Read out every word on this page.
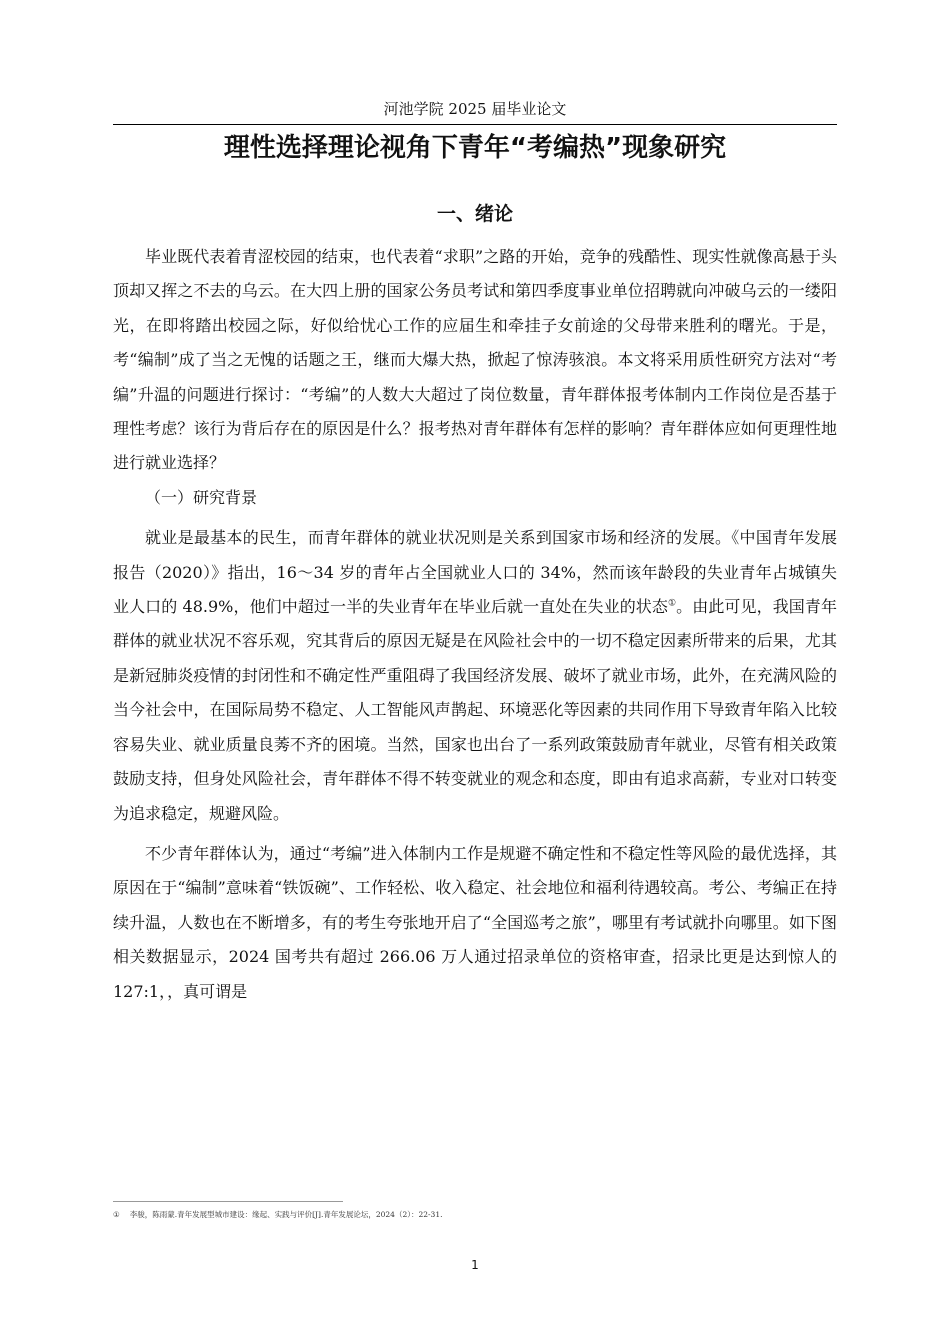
河池学院 2025 届毕业论文
理性选择理论视角下青年“考编热”现象研究
一、绪论

毕业既代表着青涩校园的结束，也代表着“求职”之路的开始，竞争的残酷性、现实性就像高悬于头顶却又挥之不去的乌云。在大四上册的国家公务员考试和第四季度事业单位招聘就向冲破乌云的一缕阳光，在即将踏出校园之际，好似给忧心工作的应届生和牵挂子女前途的父母带来胜利的曙光。于是，考“编制”成了当之无愧的话题之王，继而大爆大热，掀起了惊涛骇浪。本文将采用质性研究方法对“考编”升温的问题进行探讨：“考编”的人数大大超过了岗位数量，青年群体报考体制内工作岗位是否基于理性考虑？该行为背后存在的原因是什么？报考热对青年群体有怎样的影响？青年群体应如何更理性地进行就业选择？

（一）研究背景

就业是最基本的民生，而青年群体的就业状况则是关系到国家市场和经济的发展。《中国青年发展报告（2020）》指出，16～34 岁的青年占全国就业人口的 34%，然而该年龄段的失业青年占城镇失业人口的 48.9%，他们中超过一半的失业青年在毕业后就一直处在失业的状态①。由此可见，我国青年群体的就业状况不容乐观，究其背后的原因无疑是在风险社会中的一切不稳定因素所带来的后果，尤其是新冠肺炎疫情的封闭性和不确定性严重阻碍了我国经济发展、破坏了就业市场，此外，在充满风险的当今社会中，在国际局势不稳定、人工智能风声鹊起、环境恶化等因素的共同作用下导致青年陷入比较容易失业、就业质量良莠不齐的困境。当然，国家也出台了一系列政策鼓励青年就业，尽管有相关政策鼓励支持，但身处风险社会，青年群体不得不转变就业的观念和态度，即由有追求高薪，专业对口转变为追求稳定，规避风险。

不少青年群体认为，通过“考编”进入体制内工作是规避不确定性和不稳定性等风险的最优选择，其原因在于“编制”意味着“铁饭碗”、工作轻松、收入稳定、社会地位和福利待遇较高。考公、考编正在持续升温，人数也在不断增多，有的考生夸张地开启了“全国巡考之旅”，哪里有考试就扑向哪里。如下图相关数据显示，2024 国考共有超过 266.06 万人通过招录单位的资格审查，招录比更是达到惊人的 127:1，，真可谓是

① 李骏，陈雨蒙.青年发展型城市建设：缘起、实践与评价[J].青年发展论坛，2024（2）：22-31.
1
